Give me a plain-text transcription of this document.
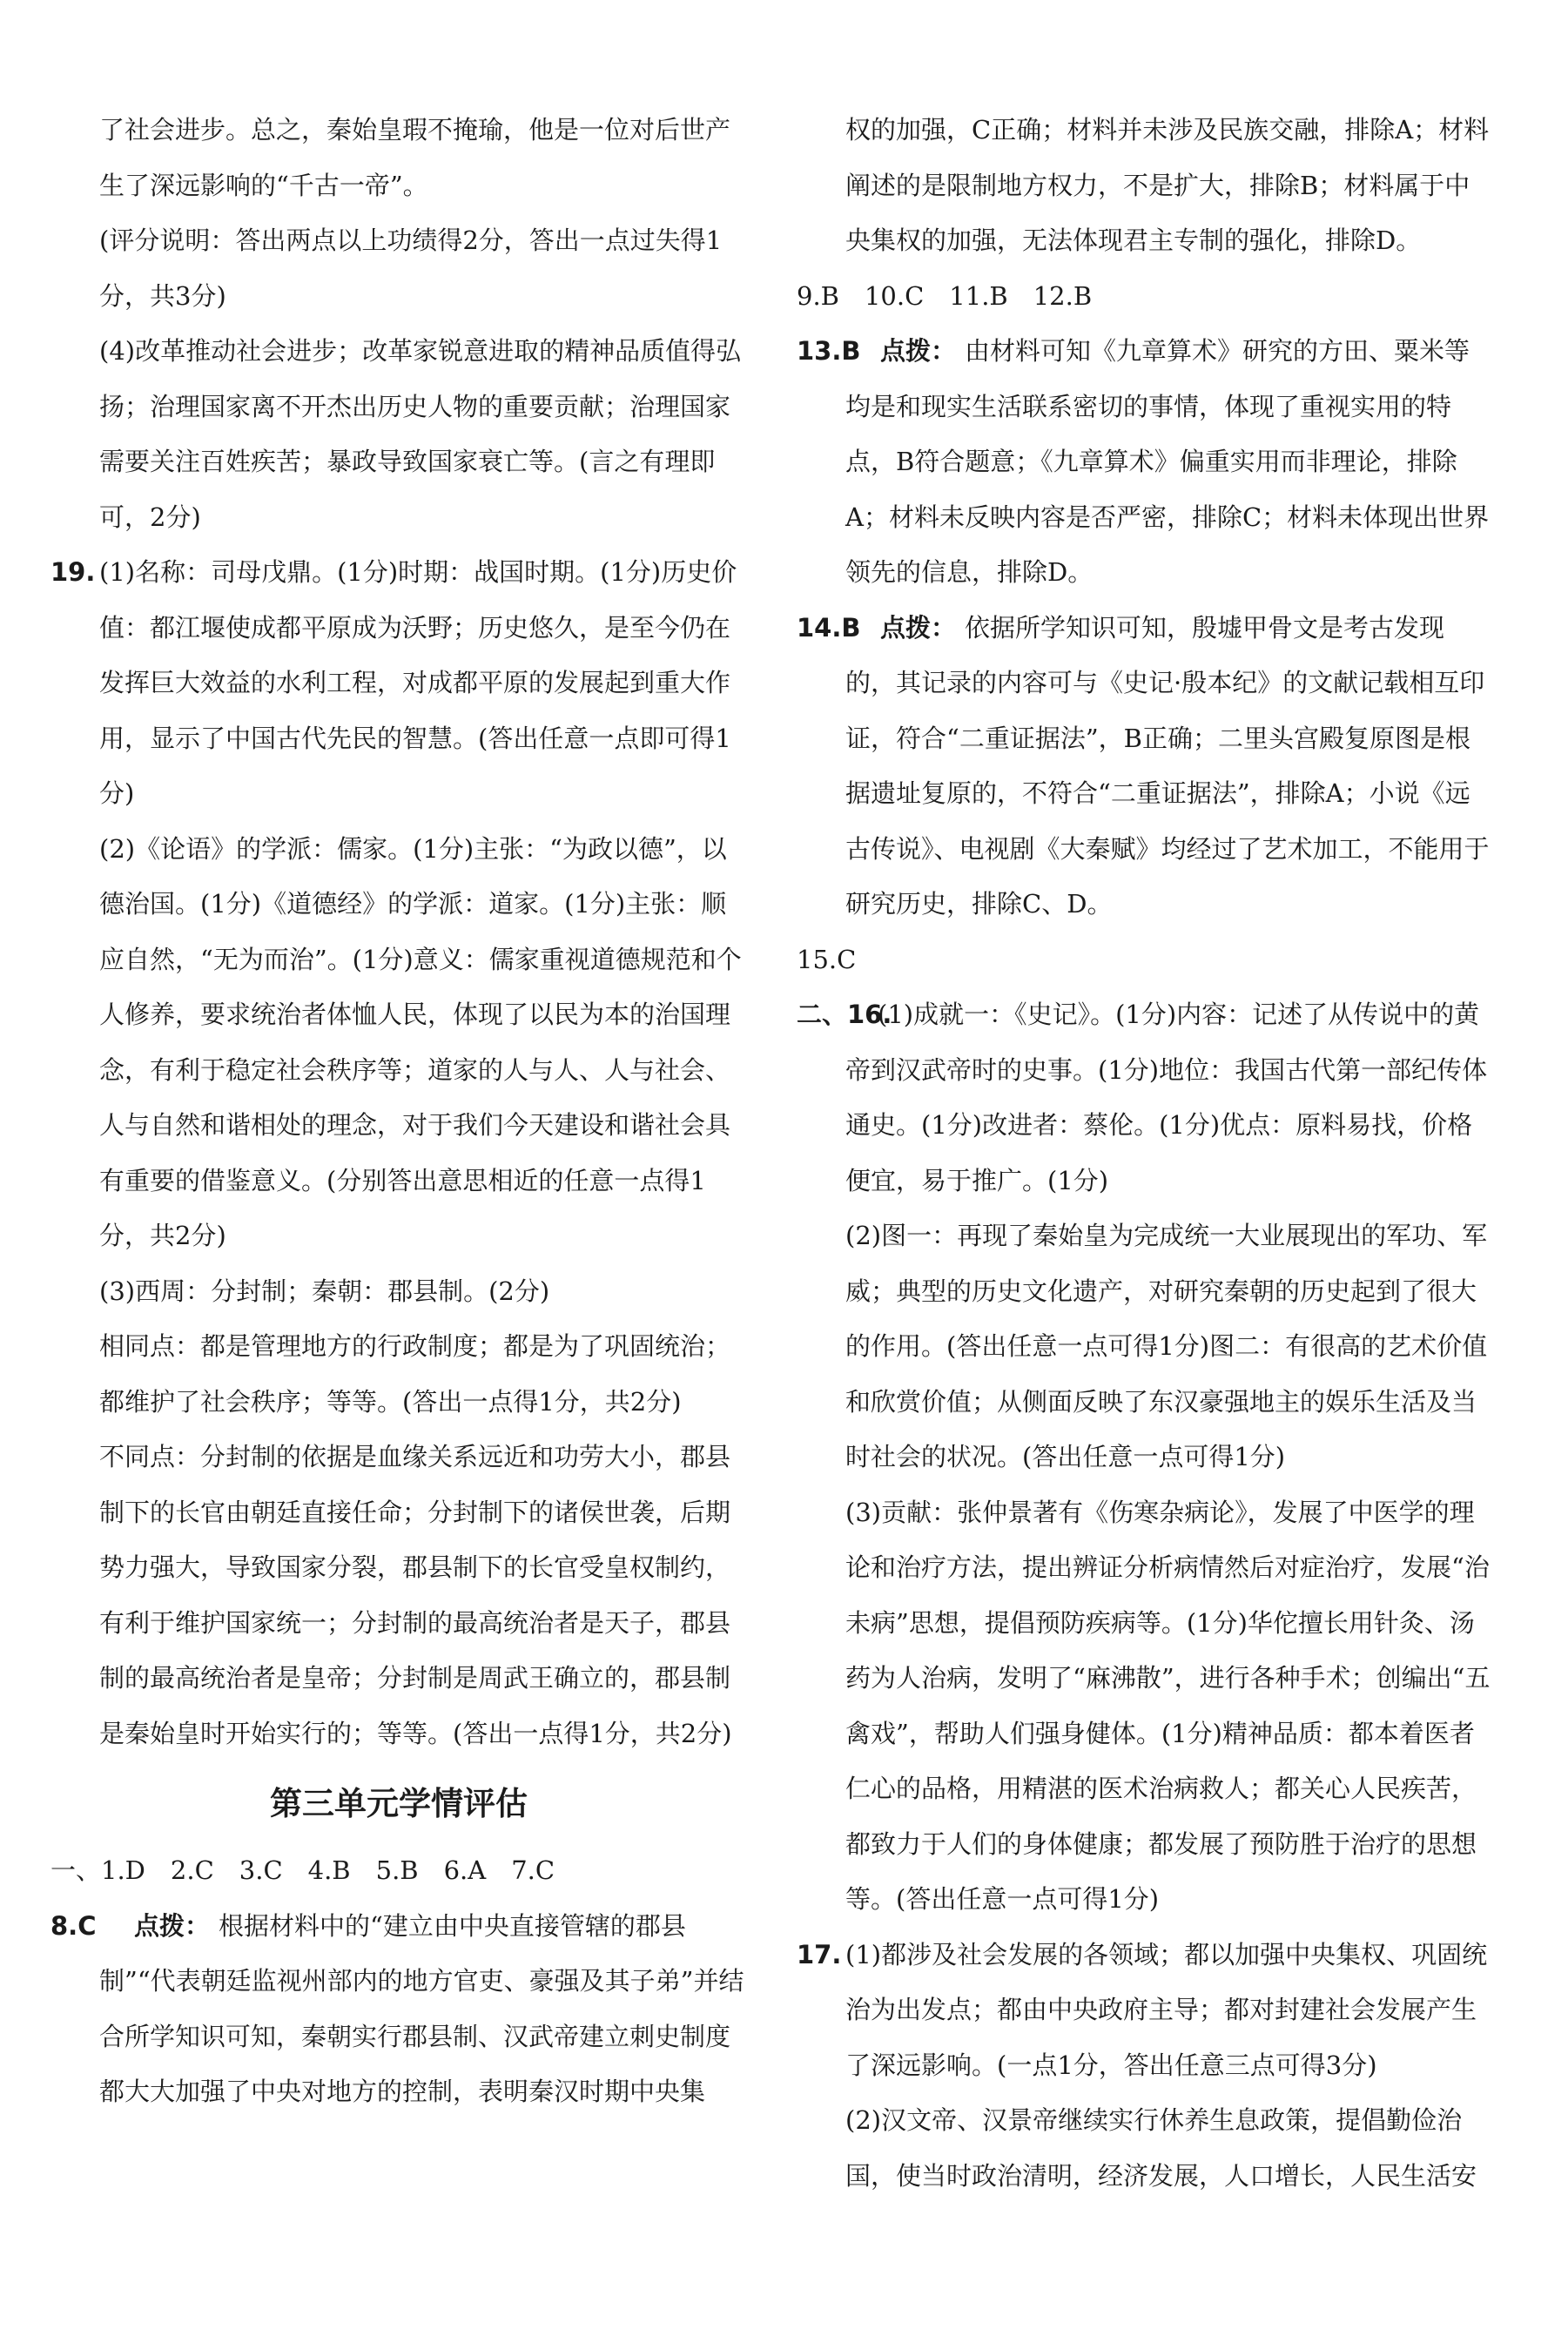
了社会进步。总之，秦始皇瑕不掩瑜，他是一位对后世产生了深远影响的“千古一帝”。
(评分说明：答出两点以上功绩得2分，答出一点过失得1分，共3分)
(4)改革推动社会进步；改革家锐意进取的精神品质值得弘扬；治理国家离不开杰出历史人物的重要贡献；治理国家需要关注百姓疾苦；暴政导致国家衰亡等。(言之有理即可，2分)
19. (1)名称：司母戊鼎。(1分)时期：战国时期。(1分)历史价值：都江堰使成都平原成为沃野；历史悠久，是至今仍在发挥巨大效益的水利工程，对成都平原的发展起到重大作用，显示了中国古代先民的智慧。(答出任意一点即可得1分)
(2)《论语》的学派：儒家。(1分)主张：“为政以德”，以德治国。(1分)《道德经》的学派：道家。(1分)主张：顺应自然，“无为而治”。(1分)意义：儒家重视道德规范和个人修养，要求统治者体恤人民，体现了以民为本的治国理念，有利于稳定社会秩序等；道家的人与人、人与社会、人与自然和谐相处的理念，对于我们今天建设和谐社会具有重要的借鉴意义。(分别答出意思相近的任意一点得1分，共2分)
(3)西周：分封制；秦朝：郡县制。(2分)
相同点：都是管理地方的行政制度；都是为了巩固统治；都维护了社会秩序；等等。(答出一点得1分，共2分)
不同点：分封制的依据是血缘关系远近和功劳大小，郡县制下的长官由朝廷直接任命；分封制下的诸侯世袭，后期势力强大，导致国家分裂，郡县制下的长官受皇权制约，有利于维护国家统一；分封制的最高统治者是天子，郡县制的最高统治者是皇帝；分封制是周武王确立的，郡县制是秦始皇时开始实行的；等等。(答出一点得1分，共2分)
第三单元学情评估
一、1.D　2.C　3.C　4.B　5.B　6.A　7.C
8.C	点拨： 根据材料中的“建立由中央直接管辖的郡县制”“代表朝廷监视州部内的地方官吏、豪强及其子弟”并结合所学知识可知，秦朝实行郡县制、汉武帝建立刺史制度都大大加强了中央对地方的控制，表明秦汉时期中央集
权的加强，C正确；材料并未涉及民族交融，排除A；材料阐述的是限制地方权力，不是扩大，排除B；材料属于中央集权的加强，无法体现君主专制的强化，排除D。
9.B　10.C　11.B　12.B
13.B 点拨： 由材料可知《九章算术》研究的方田、粟米等均是和现实生活联系密切的事情，体现了重视实用的特点，B符合题意；《九章算术》偏重实用而非理论，排除A；材料未反映内容是否严密，排除C；材料未体现出世界领先的信息，排除D。
14.B 点拨： 依据所学知识可知，殷墟甲骨文是考古发现的，其记录的内容可与《史记·殷本纪》的文献记载相互印证，符合“二重证据法”，B正确；二里头宫殿复原图是根据遗址复原的，不符合“二重证据法”，排除A；小说《远古传说》、电视剧《大秦赋》均经过了艺术加工，不能用于研究历史，排除C、D。
15.C
二、16.
(1)成就一：《史记》。(1分)内容：记述了从传说中的黄帝到汉武帝时的史事。(1分)地位：我国古代第一部纪传体通史。(1分)改进者：蔡伦。(1分)优点：原料易找，价格便宜，易于推广。(1分)
(2)图一：再现了秦始皇为完成统一大业展现出的军功、军威；典型的历史文化遗产，对研究秦朝的历史起到了很大的作用。(答出任意一点可得1分)图二：有很高的艺术价值和欣赏价值；从侧面反映了东汉豪强地主的娱乐生活及当时社会的状况。(答出任意一点可得1分)
(3)贡献：张仲景著有《伤寒杂病论》，发展了中医学的理论和治疗方法，提出辨证分析病情然后对症治疗，发展“治未病”思想，提倡预防疾病等。(1分)华佗擅长用针灸、汤药为人治病，发明了“麻沸散”，进行各种手术；创编出“五禽戏”，帮助人们强身健体。(1分)精神品质：都本着医者仁心的品格，用精湛的医术治病救人；都关心人民疾苦，都致力于人们的身体健康；都发展了预防胜于治疗的思想等。(答出任意一点可得1分)
17. (1)都涉及社会发展的各领域；都以加强中央集权、巩固统治为出发点；都由中央政府主导；都对封建社会发展产生了深远影响。(一点1分，答出任意三点可得3分)
(2)汉文帝、汉景帝继续实行休养生息政策，提倡勤俭治国，使当时政治清明，经济发展，人口增长，人民生活安
